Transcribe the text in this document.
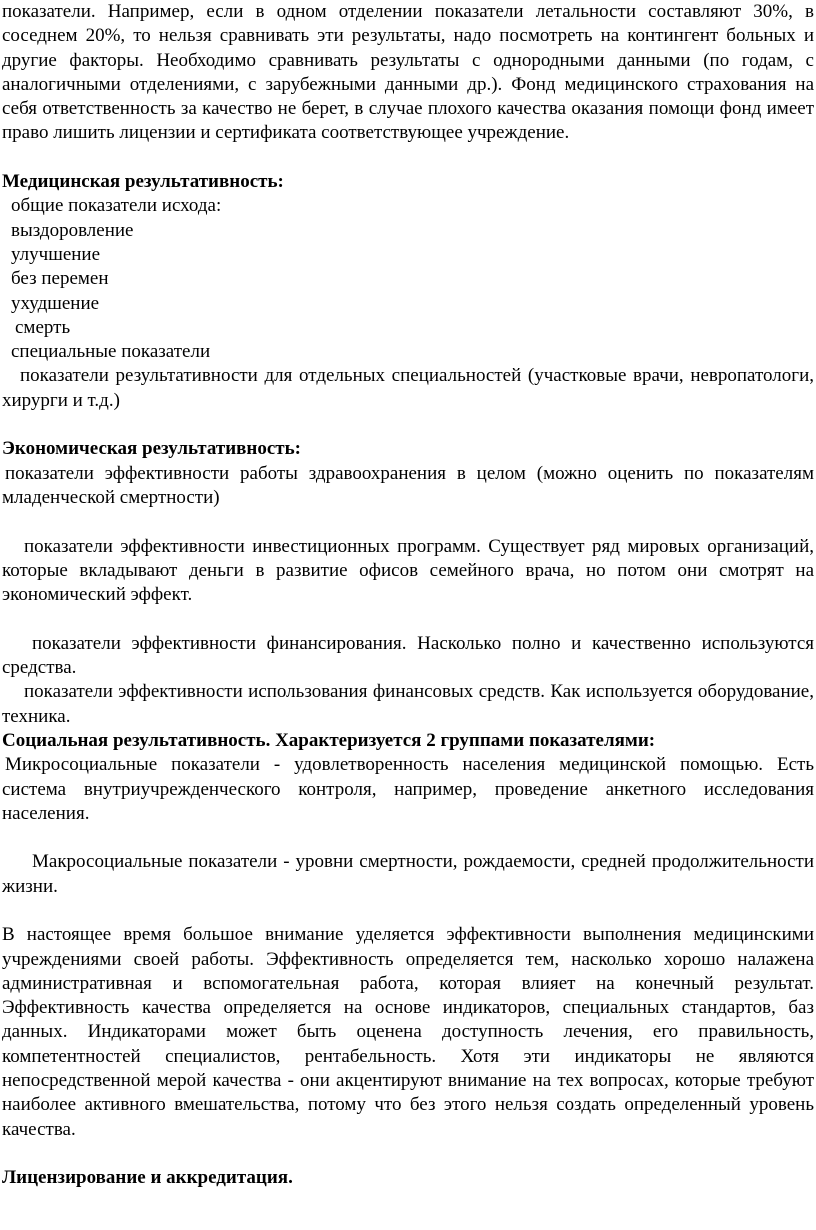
показатели. Например, если в одном отделении показатели летальности составляют 30%, в соседнем 20%, то нельзя сравнивать эти результаты, надо посмотреть на контингент больных и другие факторы. Необходимо сравнивать результаты с однородными данными (по годам, с аналогичными отделениями, с зарубежными данными др.). Фонд медицинского страхования на себя ответственность за качество не берет, в случае плохого качества оказания помощи фонд имеет право лишить лицензии и сертификата соответствующее учреждение.

Медицинская результативность:

общие показатели исхода:

выздоровление

улучшение

без перемен

ухудшение

смерть

специальные показатели

показатели результативности для отдельных специальностей (участковые врачи, невропатологи, хирурги и т.д.)

Экономическая результативность:

показатели эффективности работы здравоохранения в целом (можно оценить по показателям младенческой смертности)

показатели эффективности инвестиционных программ. Существует ряд мировых организаций, которые вкладывают деньги в развитие офисов семейного врача, но потом они смотрят на экономический эффект.

показатели эффективности финансирования. Насколько полно и качественно используются средства.

показатели эффективности использования финансовых средств. Как используется оборудование, техника.

Социальная результативность. Характеризуется 2 группами показателями:

Микросоциальные показатели - удовлетворенность населения медицинской помощью. Есть система внутриучрежденческого контроля, например, проведение анкетного исследования населения.

Макросоциальные показатели - уровни смертности, рождаемости, средней продолжительности жизни.

В настоящее время большое внимание уделяется эффективности выполнения медицинскими учреждениями своей работы. Эффективность определяется тем, насколько хорошо налажена административная и вспомогательная работа, которая влияет на конечный результат. Эффективность качества определяется на основе индикаторов, специальных стандартов, баз данных. Индикаторами может быть оценена доступность лечения, его правильность, компетентностей специалистов, рентабельность. Хотя эти индикаторы не являются непосредственной мерой качества - они акцентируют внимание на тех вопросах, которые требуют наиболее активного вмешательства, потому что без этого нельзя создать определенный уровень качества.

Лицензирование и аккредитация.
